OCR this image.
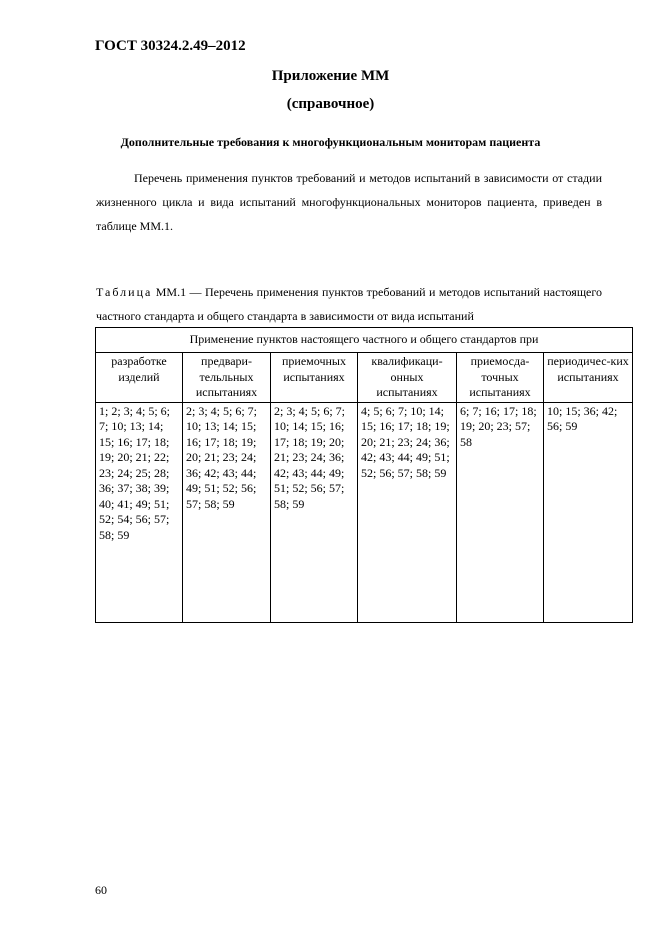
ГОСТ 30324.2.49–2012
Приложение ММ
(справочное)
Дополнительные требования к многофункциональным мониторам пациента

Перечень применения пунктов требований и методов испытаний в зависимости от стадии жизненного цикла и вида испытаний многофункциональных мониторов пациента, приведен в таблице ММ.1.

Таблица ММ.1 — Перечень применения пунктов требований и методов испытаний настоящего частного стандарта и общего стандарта в зависимости от вида испытаний

Применение пунктов настоящего частного и общего стандартов при					
разработке изделий	предвари-тельльных испытаниях	приемочных испытаниях	квалификаци-онных испытаниях	приемосда-точных испытаниях	периодичес-ких испытаниях
1; 2; 3; 4; 5; 6; 7; 10; 13; 14; 15; 16; 17; 18; 19; 20; 21; 22; 23; 24; 25; 28; 36; 37; 38; 39; 40; 41; 49; 51; 52; 54; 56; 57; 58; 59	2; 3; 4; 5; 6; 7; 10; 13; 14; 15; 16; 17; 18; 19; 20; 21; 23; 24; 36; 42; 43; 44; 49; 51; 52; 56; 57; 58; 59	2; 3; 4; 5; 6; 7; 10; 14; 15; 16; 17; 18; 19; 20; 21; 23; 24; 36; 42; 43; 44; 49; 51; 52; 56; 57; 58; 59	4; 5; 6; 7; 10; 14; 15; 16; 17; 18; 19; 20; 21; 23; 24; 36; 42; 43; 44; 49; 51; 52; 56; 57; 58; 59	6; 7; 16; 17; 18; 19; 20; 23; 57; 58	10; 15; 36; 42; 56; 59
60
